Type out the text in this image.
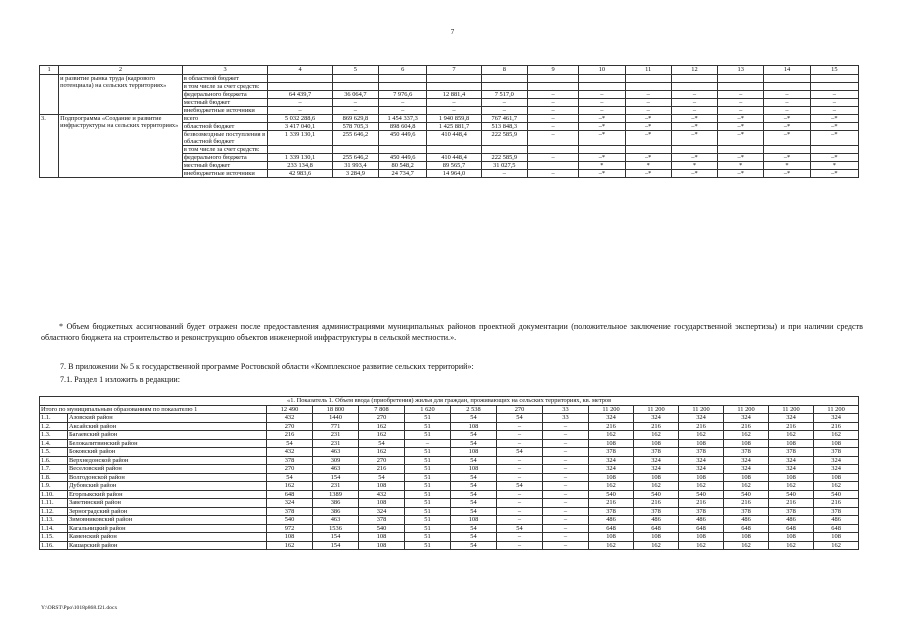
7
1	2	3	4	5	6	7	8	9	10	11	12	13	14	15
	и развитие рынка труда (кадрового потенциала) на сельских территориях»	в областной бюджет												
		в том числе за счет средств:												
		федерального бюджета	64 439,7	36 064,7	7 976,6	12 881,4	7 517,0	–	–	–	–	–	–	–
		местный бюджет	–	–	–	–	–	–	–	–	–	–	–	–
		внебюджетные источники	–	–	–	–	–	–	–	–	–	–	–	–
3.	Подпрограмма «Создание и развитие инфраструктуры на сельских территориях»	всего	5 032 288,6	869 629,8	1 454 337,3	1 940 859,8	767 461,7	–	–*	–*	–*	–*	–*	–*
		областной бюджет	3 417 040,1	578 705,3	898 604,8	1 425 881,7	513 848,3	–	–*	–*	–*	–*	–*	–*
		безвозмездные поступления в областной бюджет	1 339 130,1	255 646,2	450 449,6	410 448,4	222 585,9	–	–*	–*	–*	–*	–*	–*
		в том числе за счет средств:												
		федерального бюджета	1 339 130,1	255 646,2	450 449,6	410 448,4	222 585,9	–	–*	–*	–*	–*	–*	–*
		местный бюджет	233 134,8	31 993,4	80 548,2	89 565,7	31 027,5		*	*	*	*	*	*
		внебюджетные источники	42 983,6	3 284,9	24 734,7	14 964,0	–	–	–*	–*	–*	–*	–*	–*
* Объем бюджетных ассигнований будет отражен после предоставления администрациями муниципальных районов проектной документации (положительное заключение государственной экспертизы) и при наличии средств областного бюджета на строительство и реконструкцию объектов инженерной инфраструктуры в сельской местности.».
7. В приложении № 5 к государственной программе Ростовской области «Комплексное развитие сельских территорий»:
7.1. Раздел 1 изложить в редакции:
«1. Показатель 1. Объем ввода (приобретения) жилья для граждан, проживающих на сельских территориях, кв. метров														
Итого по муниципальным образованиям по показателю 1		12 490	18 800	7 808	1 620	2 538	270	33	11 200	11 200	11 200	11 200	11 200	11 200
1.1.	Азовский район	432	1440	270	51	54	54	33	324	324	324	324	324	324
1.2.	Аксайский район	270	771	162	51	108	–	–	216	216	216	216	216	216
1.3.	Багаевский район	216	231	162	51	54	–	–	162	162	162	162	162	162
1.4.	Белокалитвинский район	54	231	54	–	54	–	–	108	108	108	108	108	108
1.5.	Боковский район	432	463	162	51	108	54	–	378	378	378	378	378	378
1.6.	Верхнедонской район	378	309	270	51	54	–	–	324	324	324	324	324	324
1.7.	Веселовский район	270	463	216	51	108	–	–	324	324	324	324	324	324
1.8.	Волгодонской район	54	154	54	51	54	–	–	108	108	108	108	108	108
1.9.	Дубовский район	162	231	108	51	54	54	–	162	162	162	162	162	162
1.10.	Егорлыкский район	648	1389	432	51	54	–	–	540	540	540	540	540	540
1.11.	Заветинский район	324	386	108	51	54	–	–	216	216	216	216	216	216
1.12.	Зерноградский район	378	386	324	51	54	–	–	378	378	378	378	378	378
1.13.	Зимовниковский район	540	463	378	51	108	–	–	486	486	486	486	486	486
1.14.	Кагальницкий район	972	1536	540	51	54	54	–	648	648	648	648	648	648
1.15.	Каменский район	108	154	108	51	54	–	–	108	108	108	108	108	108
1.16.	Кашарский район	162	154	108	51	54	–	–	162	162	162	162	162	162
Y:\ORST\Ppo\1018p868.f21.docx
